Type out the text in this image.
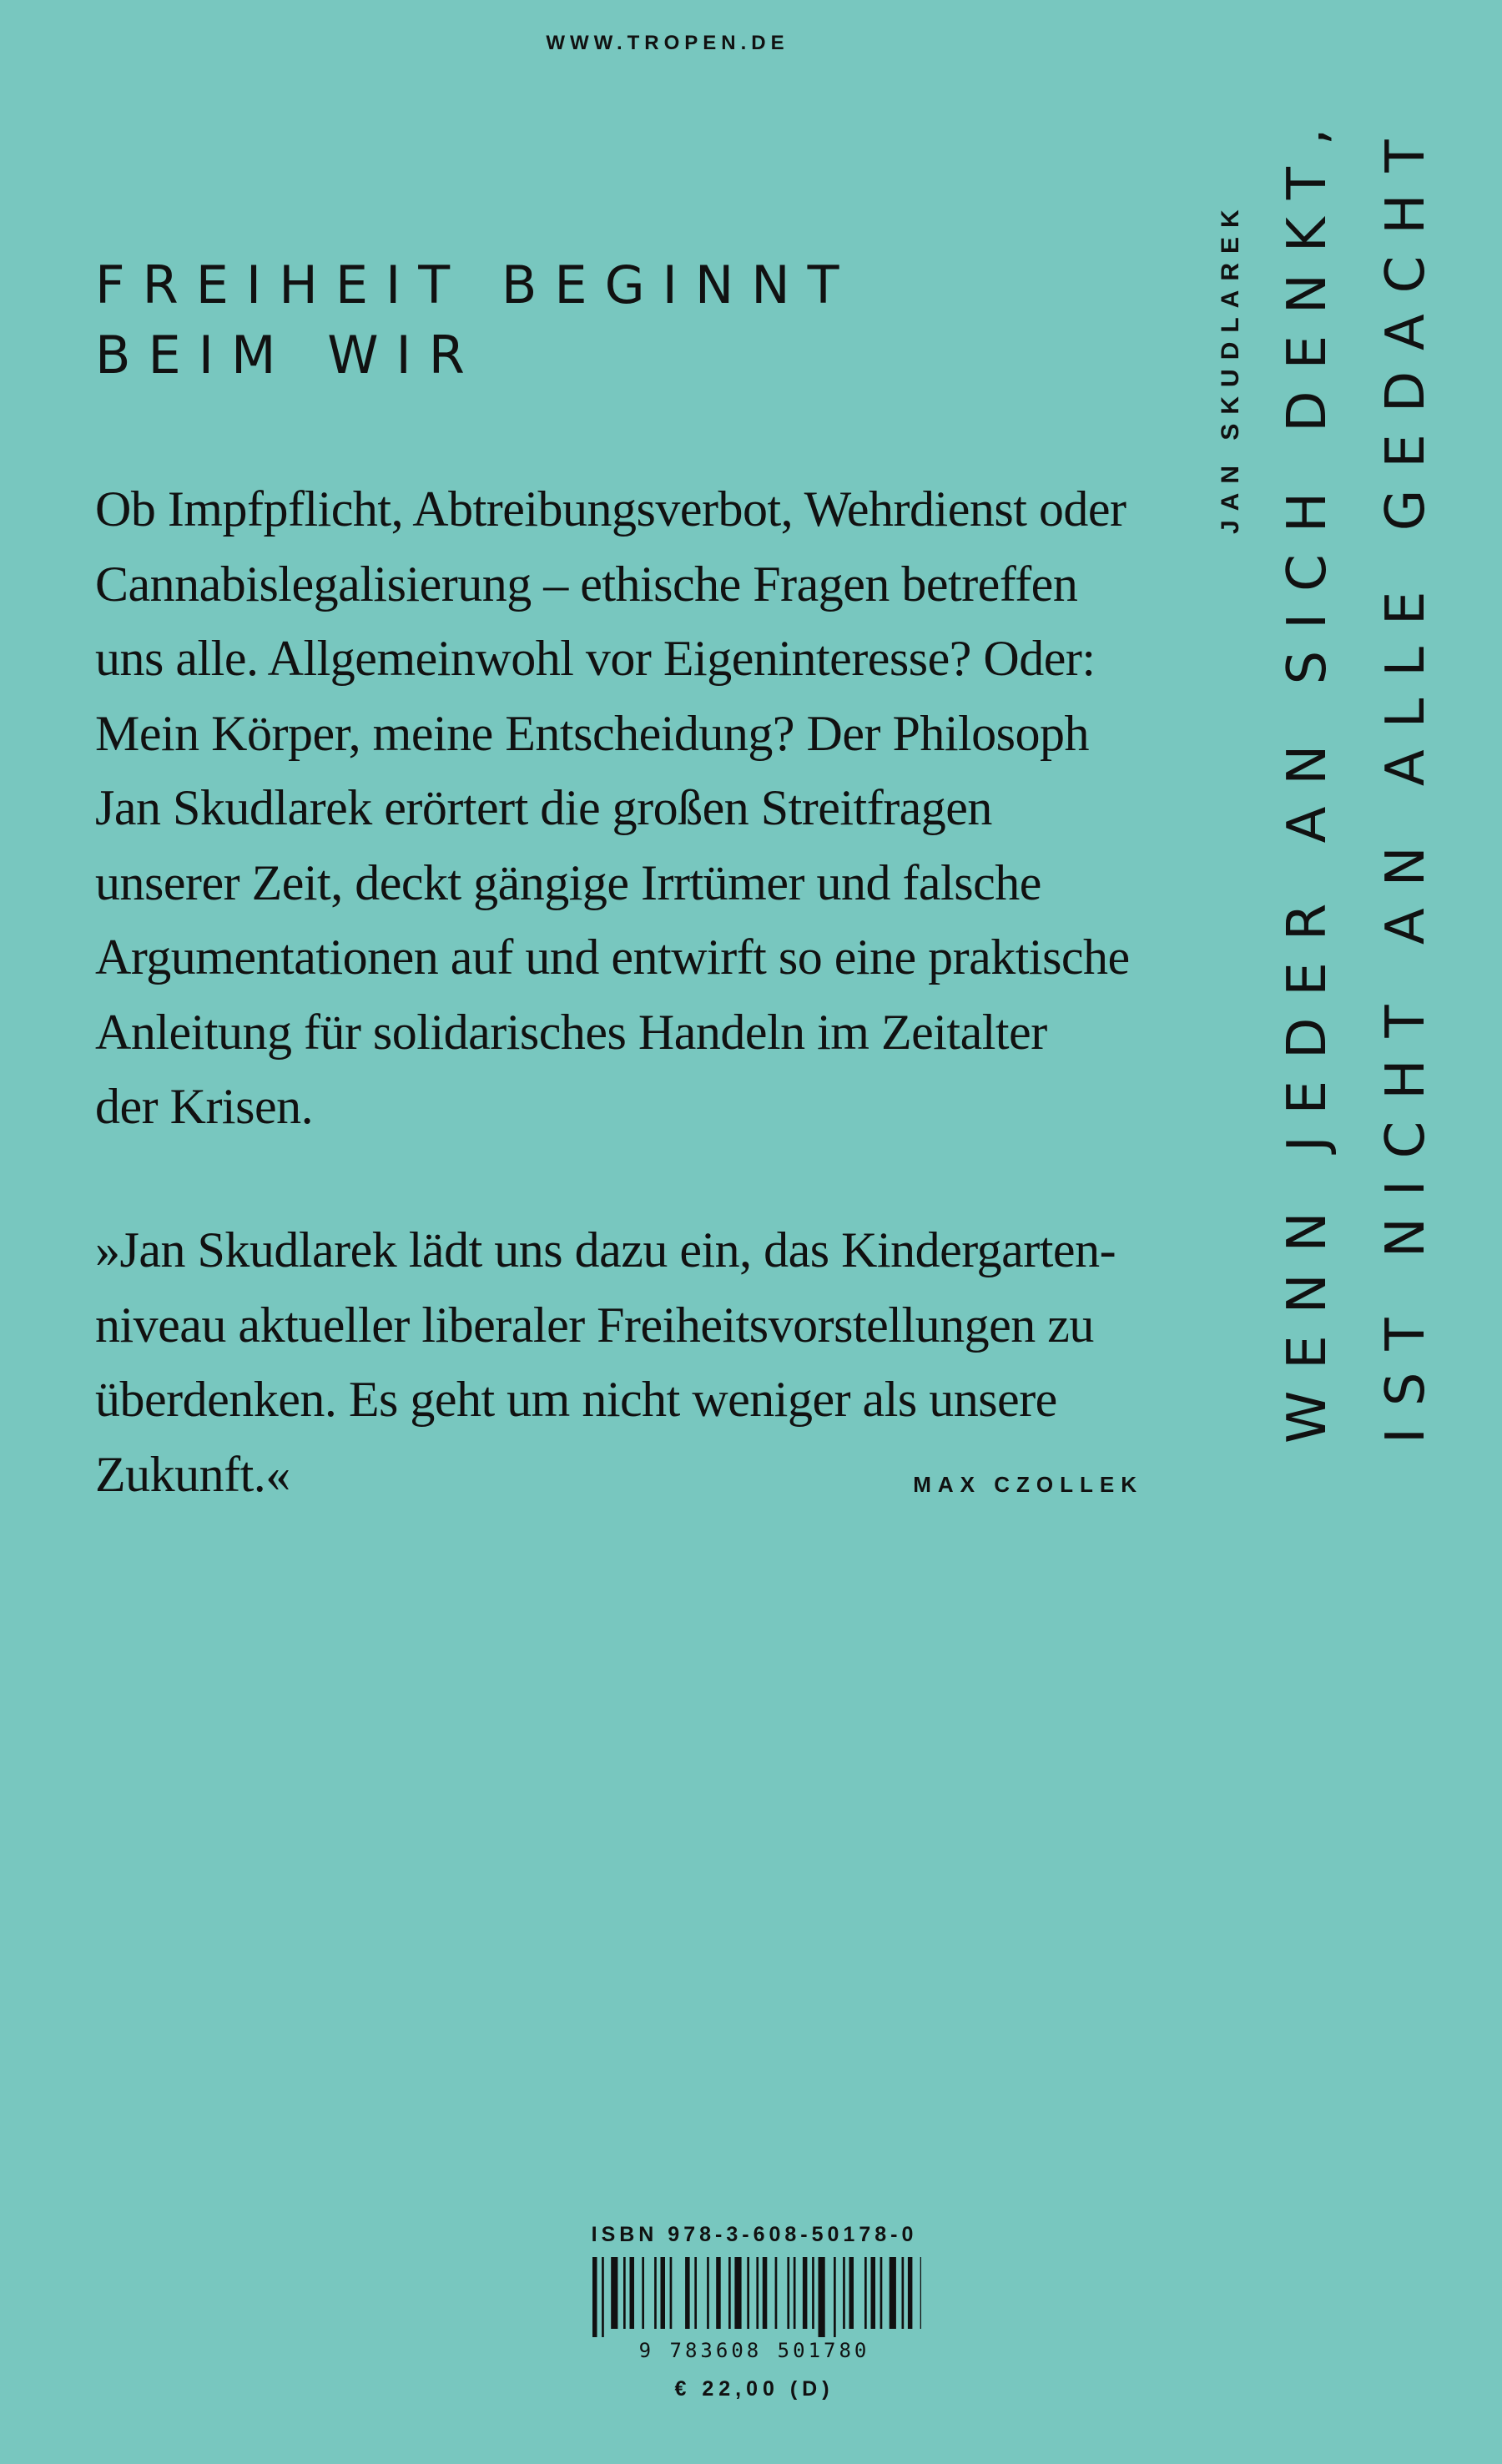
WWW.TROPEN.DE
FREIHEIT BEGINNT
BEIM WIR
Ob Impfpflicht, Abtreibungsverbot, Wehrdienst oder
Cannabislegalisierung – ethische Fragen betreffen
uns alle. Allgemeinwohl vor Eigeninteresse? Oder:
Mein Körper, meine Entscheidung? Der Philosoph
Jan Skudlarek erörtert die großen Streitfragen
unserer Zeit, deckt gängige Irrtümer und falsche
Argumentationen auf und entwirft so eine praktische
Anleitung für solidarisches Handeln im Zeitalter
der Krisen.
»Jan Skudlarek lädt uns dazu ein, das Kindergarten-
niveau aktueller liberaler Freiheitsvorstellungen zu
überdenken. Es geht um nicht weniger als unsere
Zukunft.«	MAX CZOLLEK
JAN SKUDLAREK WENN JEDER AN SICH DENKT, IST NICHT AN ALLE GEDACHT
ISBN 978-3-608-50178-0
9 783608 501780
€ 22,00 (D)
